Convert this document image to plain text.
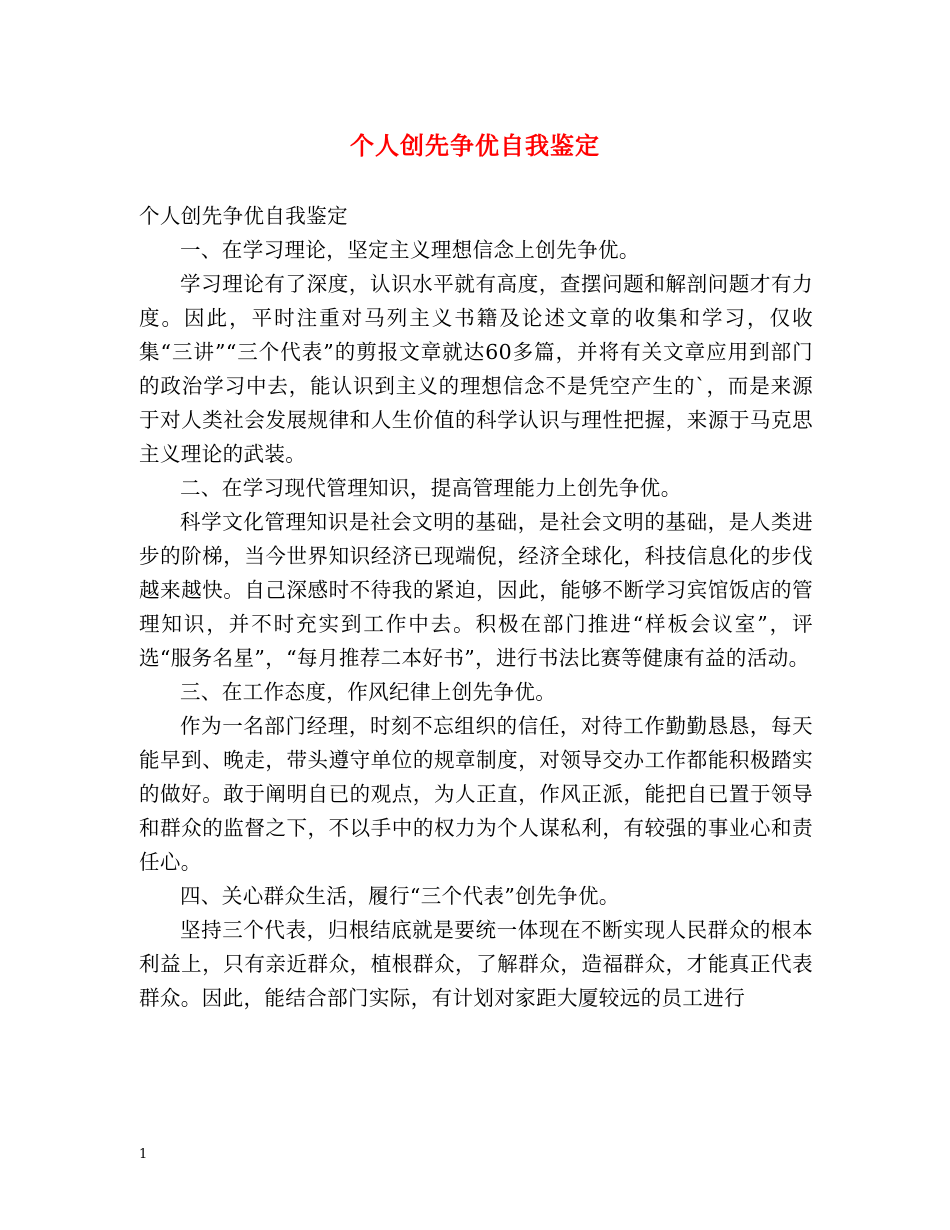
个人创先争优自我鉴定

个人创先争优自我鉴定

一、在学习理论，坚定主义理想信念上创先争优。

学习理论有了深度，认识水平就有高度，查摆问题和解剖问题才有力度。因此，平时注重对马列主义书籍及论述文章的收集和学习，仅收集“三讲”“三个代表”的剪报文章就达60多篇，并将有关文章应用到部门的政治学习中去，能认识到主义的理想信念不是凭空产生的`，而是来源于对人类社会发展规律和人生价值的科学认识与理性把握，来源于马克思主义理论的武装。

二、在学习现代管理知识，提高管理能力上创先争优。

科学文化管理知识是社会文明的基础，是社会文明的基础，是人类进步的阶梯，当今世界知识经济已现端倪，经济全球化，科技信息化的步伐越来越快。自己深感时不待我的紧迫，因此，能够不断学习宾馆饭店的管理知识，并不时充实到工作中去。积极在部门推进“样板会议室”，评选“服务名星”，“每月推荐二本好书”，进行书法比赛等健康有益的活动。

三、在工作态度，作风纪律上创先争优。

作为一名部门经理，时刻不忘组织的信任，对待工作勤勤恳恳，每天能早到、晚走，带头遵守单位的规章制度，对领导交办工作都能积极踏实的做好。敢于阐明自已的观点，为人正直，作风正派，能把自已置于领导和群众的监督之下，不以手中的权力为个人谋私利，有较强的事业心和责任心。

四、关心群众生活，履行“三个代表”创先争优。

坚持三个代表，归根结底就是要统一体现在不断实现人民群众的根本利益上，只有亲近群众，植根群众，了解群众，造福群众，才能真正代表群众。因此，能结合部门实际，有计划对家距大厦较远的员工进行

1
